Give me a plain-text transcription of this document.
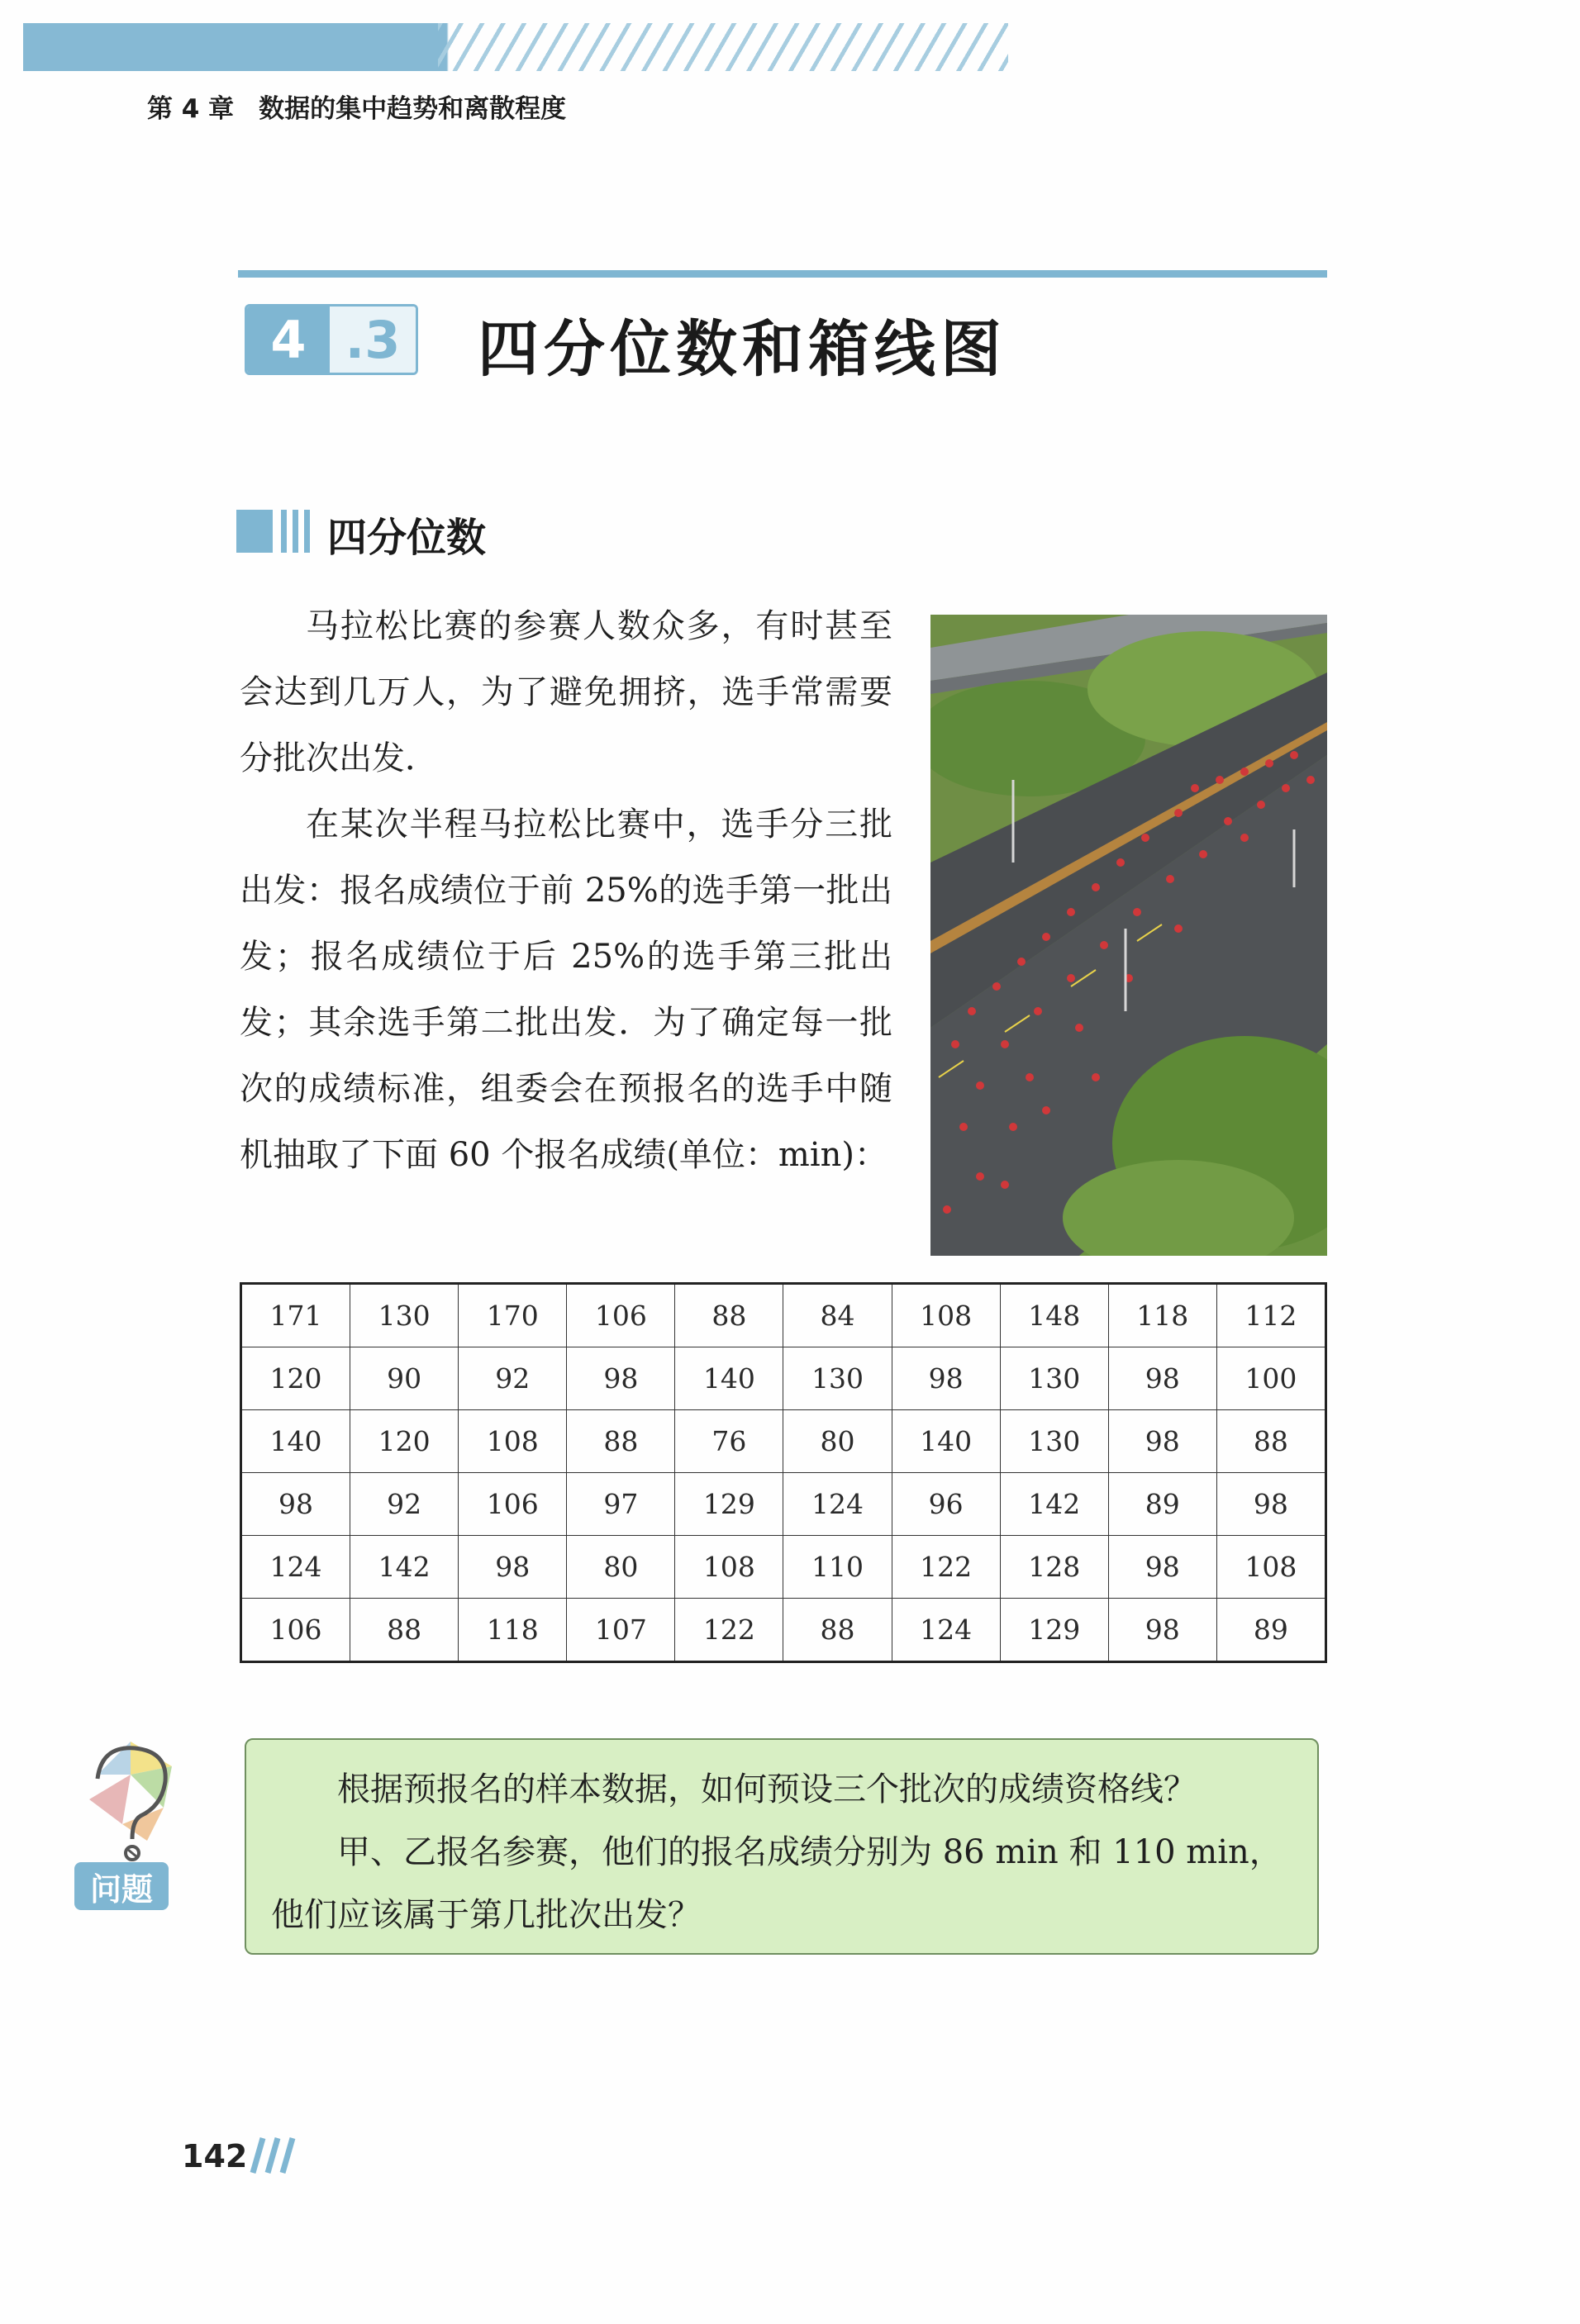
第 4 章 数据的集中趋势和离散程度
4 .3 四分位数和箱线图
四分位数
马拉松比赛的参赛人数众多，有时甚至会达到几万人，为了避免拥挤，选手常需要分批次出发．
在某次半程马拉松比赛中，选手分三批出发：报名成绩位于前 25%的选手第一批出发；报名成绩位于后 25%的选手第三批出发；其余选手第二批出发．为了确定每一批次的成绩标准，组委会在预报名的选手中随机抽取了下面 60 个报名成绩(单位：min)：
171	130	170	106	88	84	108	148	118	112
120	90	92	98	140	130	98	130	98	100
140	120	108	88	76	80	140	130	98	88
98	92	106	97	129	124	96	142	89	98
124	142	98	80	108	110	122	128	98	108
106	88	118	107	122	88	124	129	98	89
问题

根据预报名的样本数据，如何预设三个批次的成绩资格线？

甲、乙报名参赛，他们的报名成绩分别为 86 min 和 110 min，

他们应该属于第几批次出发？

142
